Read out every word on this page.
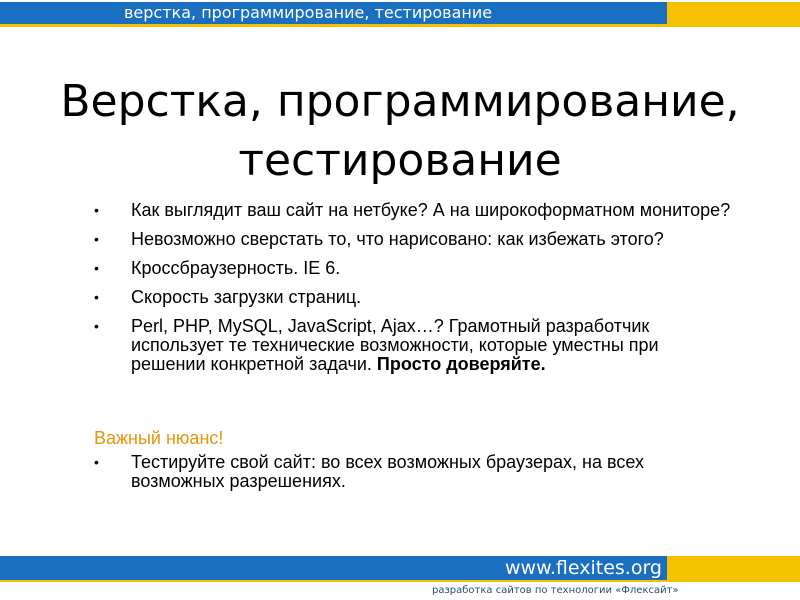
верстка, программирование, тестирование
Верстка, программирование,
тестирование
• Как выглядит ваш сайт на нетбуке? А на широкоформатном мониторе?
• Невозможно сверстать то, что нарисовано: как избежать этого?
• Кроссбраузерность. IE 6.
• Скорость загрузки страниц.
• Perl, PHP, MySQL, JavaScript, Ajax…? Грамотный разработчик использует те технические возможности, которые уместны при решении конкретной задачи. Просто доверяйте.
Важный нюанс!
• Тестируйте свой сайт: во всех возможных браузерах, на всех возможных разрешениях.
www.flexites.org
разработка сайтов по технологии «Флексайт»
